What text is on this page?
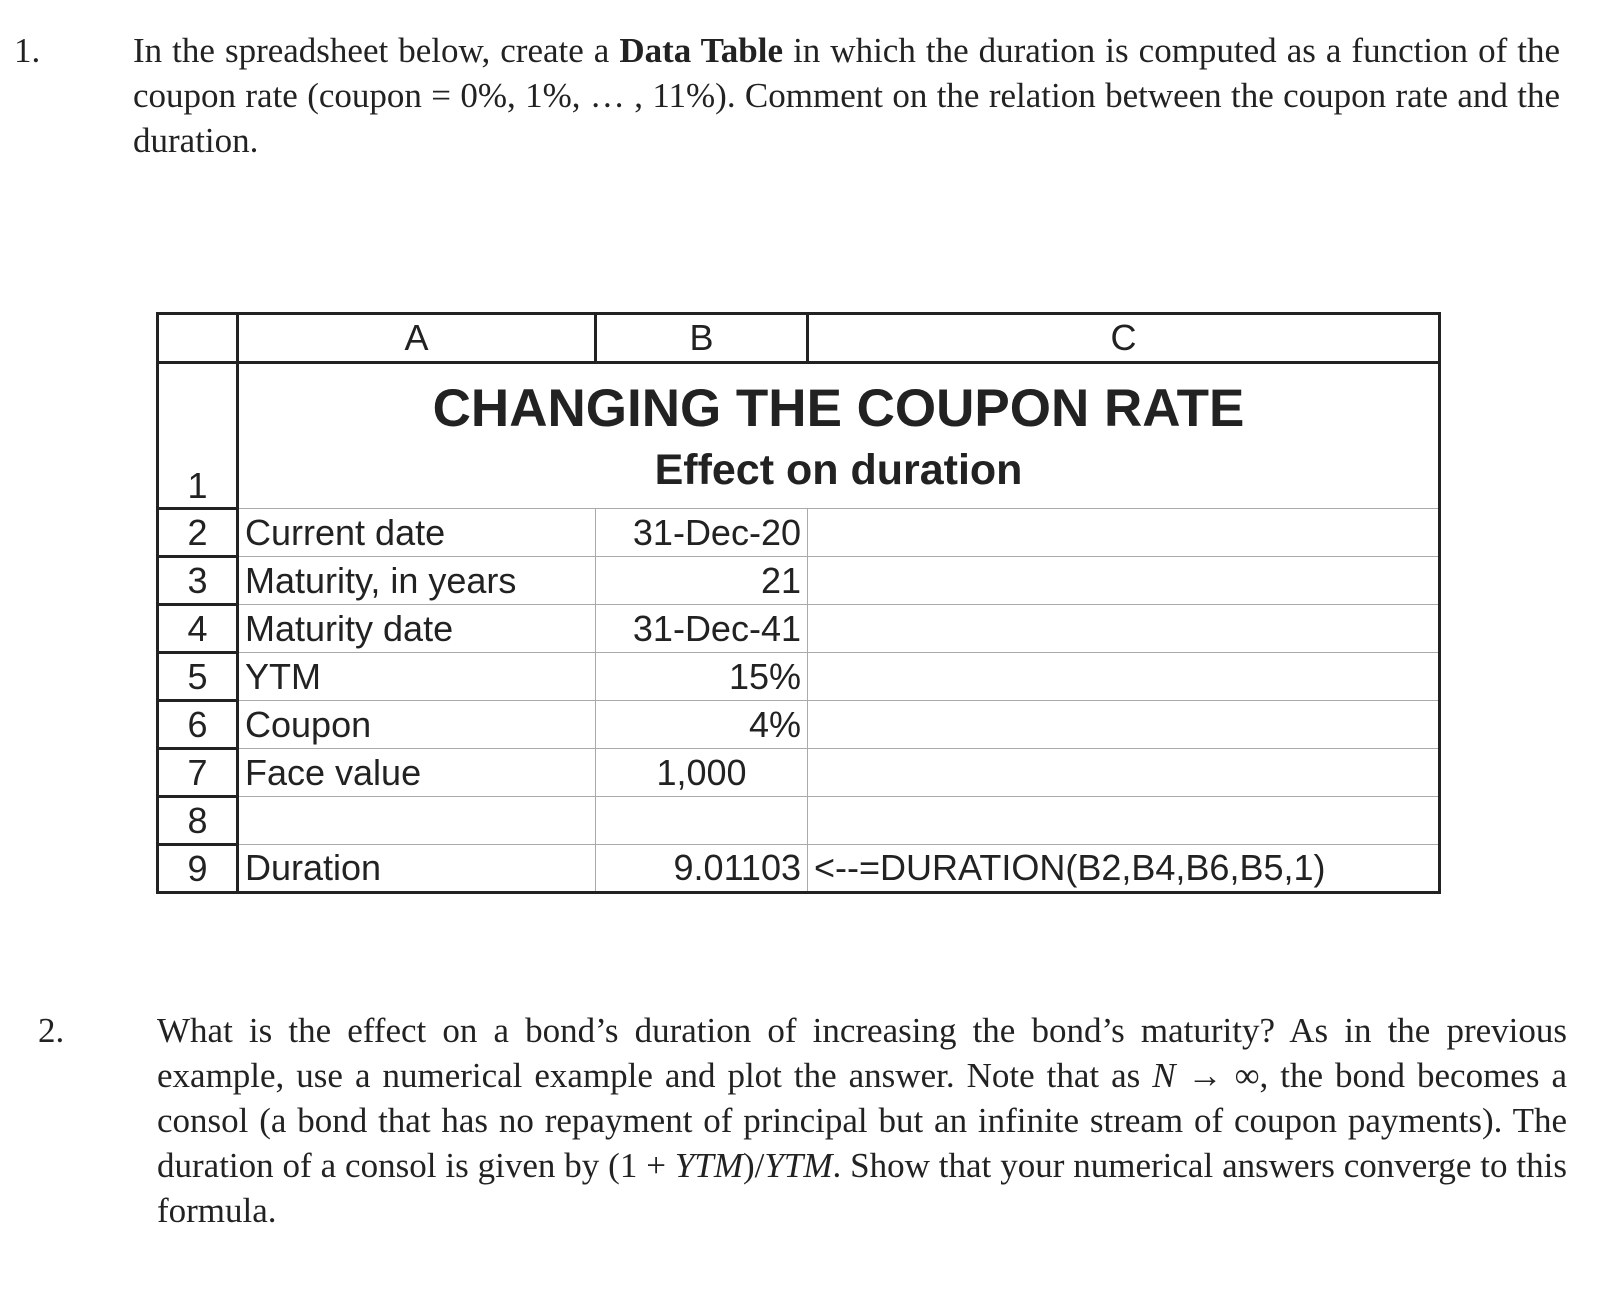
1.	In the spreadsheet below, create a Data Table in which the duration is computed as a function of the coupon rate (coupon = 0%, 1%, … , 11%). Comment on the relation between the coupon rate and the duration.

	A	B	C
1	CHANGING THE COUPON RATE
Effect on duration		

2	Current date	31-Dec-20	
3	Maturity, in years	21	
4	Maturity date	31-Dec-41	
5	YTM	15%	
6	Coupon	4%	
7	Face value	1,000	
8			
9	Duration	9.01103	<--=DURATION(B2,B4,B6,B5,1)
2.	What is the effect on a bond’s duration of increasing the bond’s maturity? As in the previous example, use a numerical example and plot the answer. Note that as N → ∞, the bond becomes a consol (a bond that has no repayment of principal but an infinite stream of coupon payments). The duration of a consol is given by (1 + YTM)/YTM. Show that your numerical answers converge to this formula.
